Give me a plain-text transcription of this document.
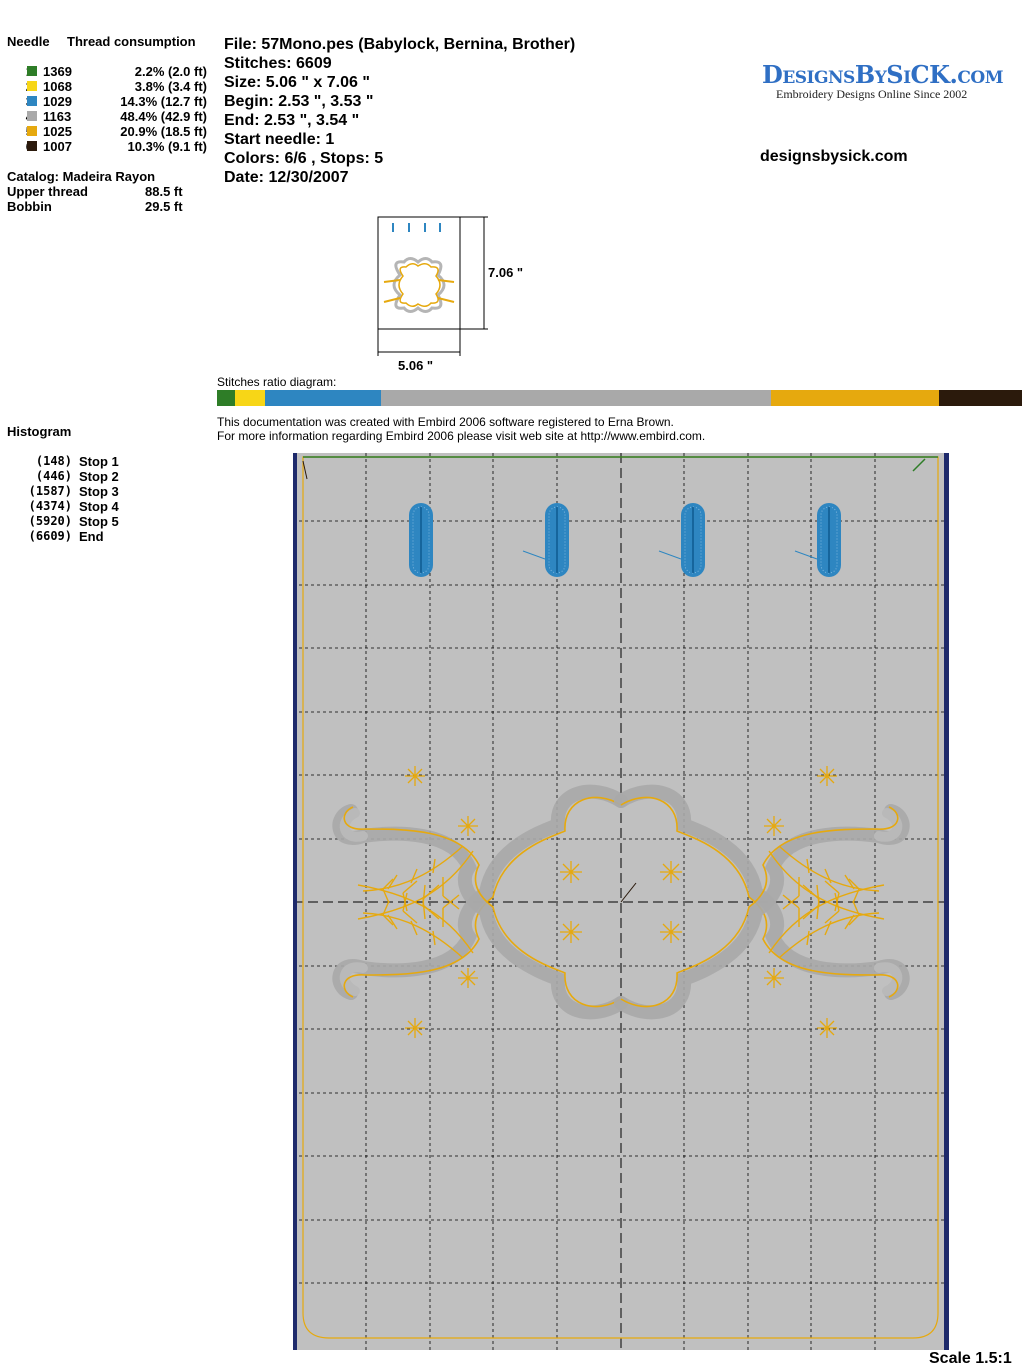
Needle Thread consumption
1369	2.2% (2.0 ft)
1068	3.8% (3.4 ft)
1029	14.3% (12.7 ft)
1163	48.4% (42.9 ft)
1025	20.9% (18.5 ft)
1007	10.3% (9.1 ft)
Catalog: Madeira Rayon
Upper thread	88.5 ft
Bobbin	29.5 ft
File: 57Mono.pes (Babylock, Bernina, Brother)
Stitches: 6609
Size: 5.06 " x 7.06 "
Begin: 2.53 ", 3.53 "
End: 2.53 ", 3.54 "
Start needle: 1
Colors: 6/6 , Stops: 5
Date: 12/30/2007
DesignsBySiCK.com
Embroidery Designs Online Since 2002
designsbysick.com
7.06 "
5.06 "
Stitches ratio diagram:
This documentation was created with Embird 2006 software registered to Erna Brown.
For more information regarding Embird 2006 please visit web site at http://www.embird.com.
Histogram
(148) Stop 1
(446) Stop 2
(1587) Stop 3
(4374) Stop 4
(5920) Stop 5
(6609) End
Scale 1.5:1
